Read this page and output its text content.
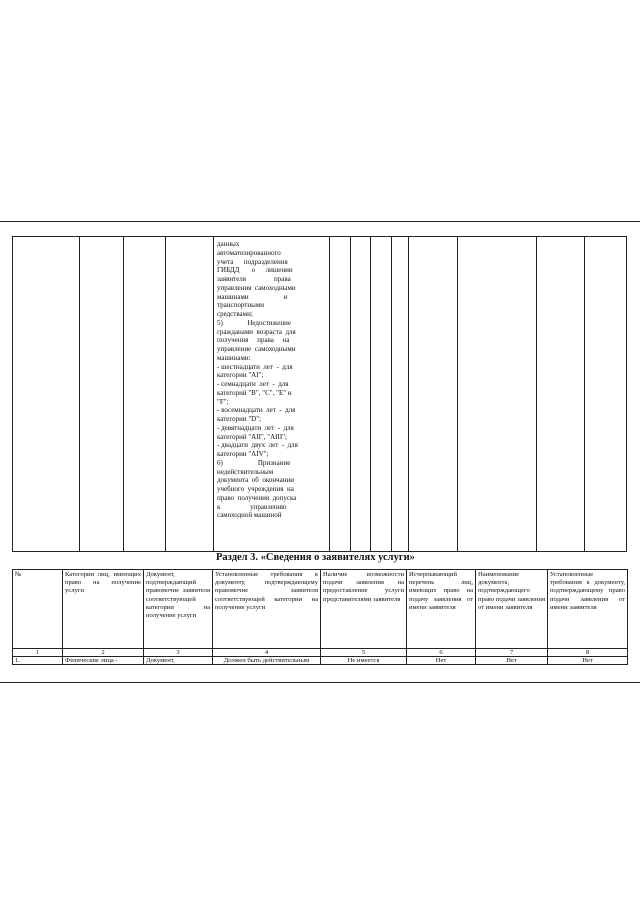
данных
автоматизированного
учета      подразделения
ГИБДД       о      лишении
заявителя                права
управления  самоходными
машинами                    и
транспортными
средствами;
5)              Недостижение
гражданами  возраста  для
получения     права     на
управление  самоходными
машинами:
- шестнадцати  лет  -  для
категории "AI";
- семнадцати  лет  -  для
категорий "B", "C", "E" и
"F";
- восемнадцати  лет  -  для
категории "D";
- девятнадцати  лет  -  для
категорий "AII", "AIII";
- двадцати  двух  лет  -  для
категории "AIV";
6)                    Признание
недействительным
документа  об  окончании
учебного  учреждения  на
право  получения  допуска
к                 управлению
самоходной машиной
Раздел 3. «Сведения о заявителях услуги»
№	Категории лиц, имеющих право на получение услуги	Документ, подтверждающий правомочие заявителя соответствующей категории на получение услуги	Установленные требования к документу, подтверждающему правомочие заявителя соответствующей категории на получение услуги	Наличие возможности подачи заявления на предоставление услуги представителями заявителя	Исчерпывающий перечень лиц, имеющих право на подачу заявления от имени заявителя	Наименование документа, подтверждающего право подачи заявления от имени заявителя	Установленные требования к документу, подтверждающему право подачи заявления от имени заявителя
1	2	3	4	5	6	7	8
1.	Физические лица -	Документ,	Должен быть действительным	Не имеется	Нет	Нет	Нет
